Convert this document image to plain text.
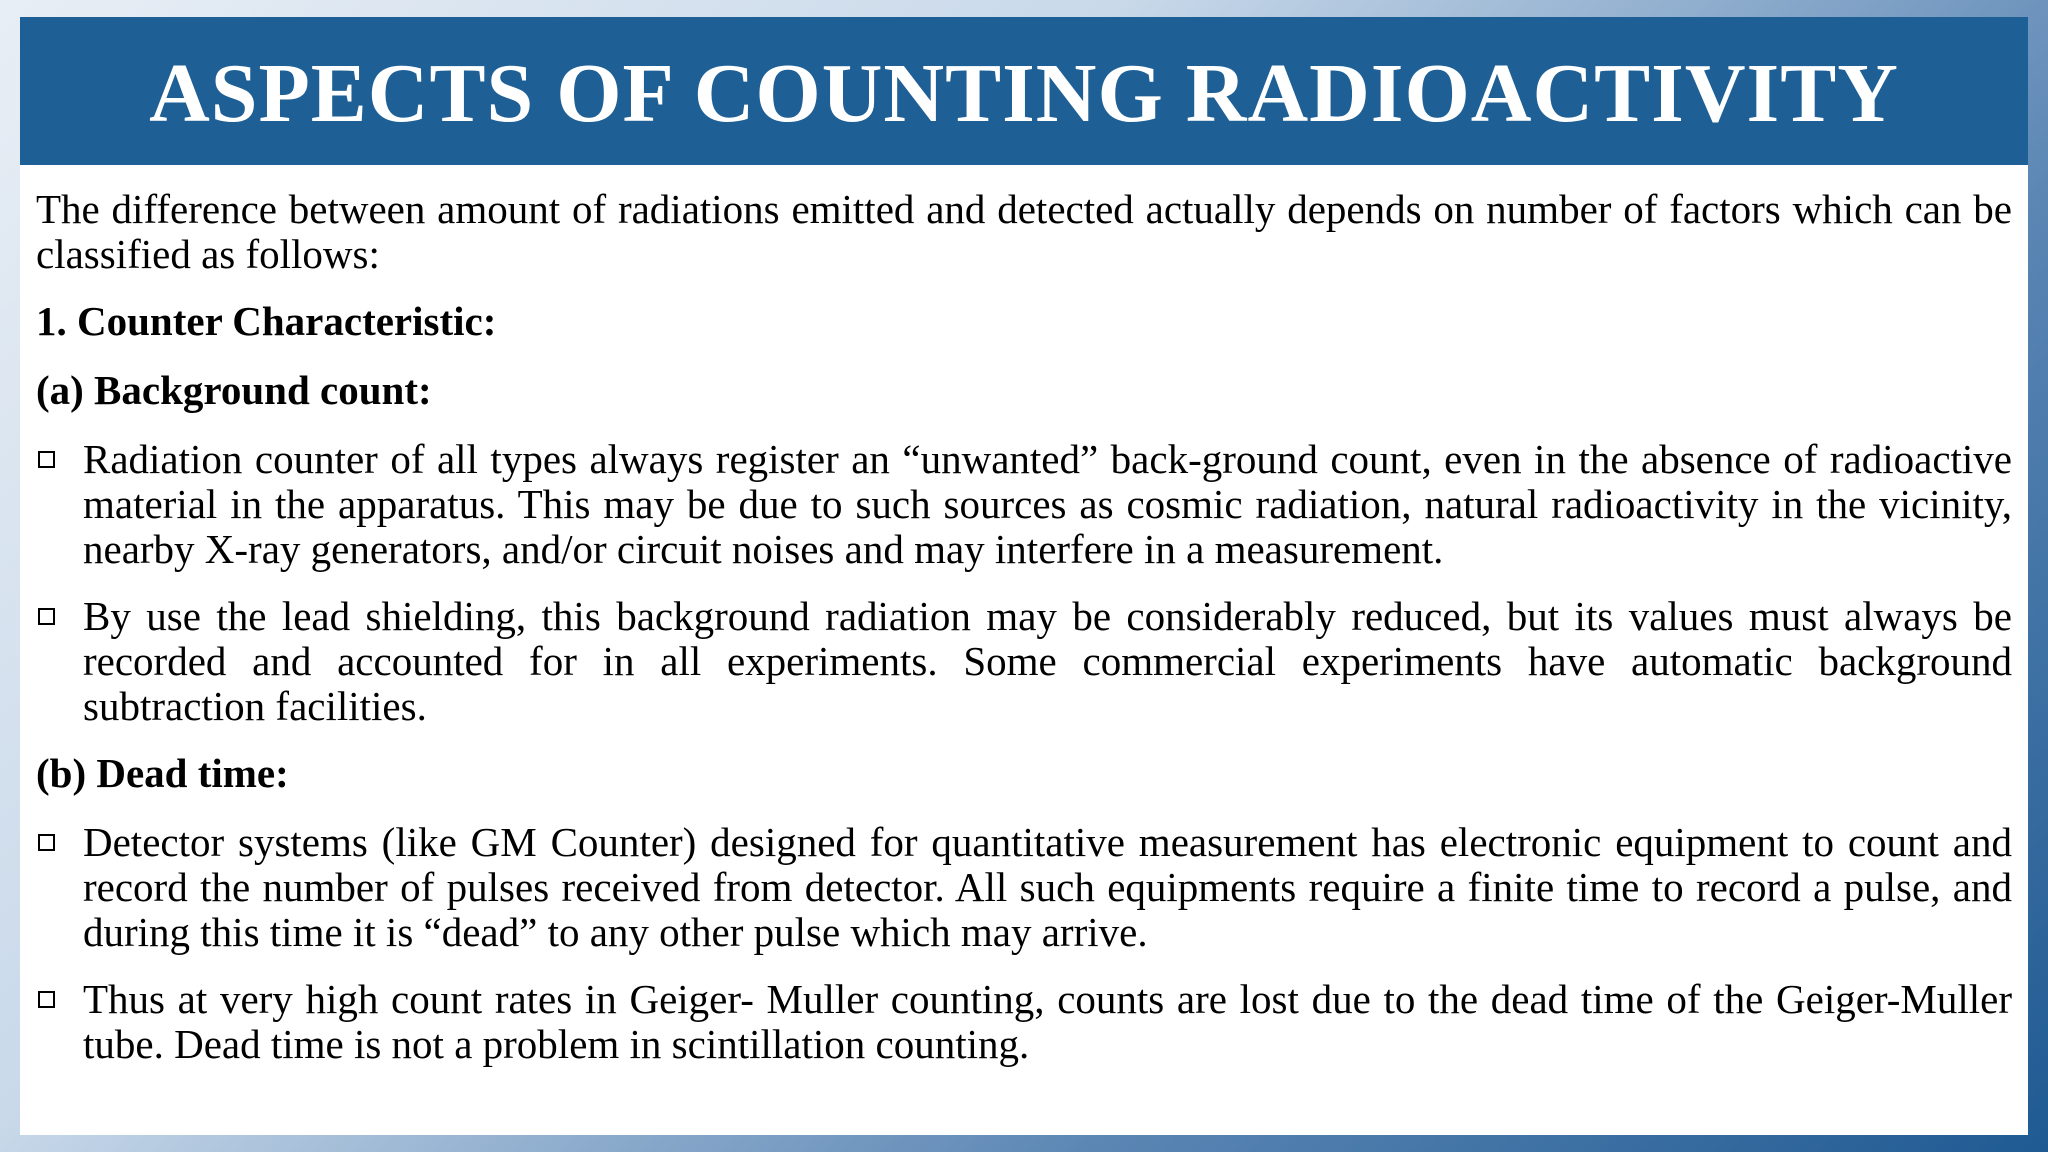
ASPECTS OF COUNTING RADIOACTIVITY

The difference between amount of radiations emitted and detected actually depends on number of factors which can be classified as follows:

1. Counter Characteristic:
(a) Background count:
Radiation counter of all types always register an “unwanted” back-ground count, even in the absence of radioactive material in the apparatus. This may be due to such sources as cosmic radiation, natural radioactivity in the vicinity, nearby X-ray generators, and/or circuit noises and may interfere in a measurement.
By use the lead shielding, this background radiation may be considerably reduced, but its values must always be recorded and accounted for in all experiments. Some commercial experiments have automatic background subtraction facilities.
(b) Dead time:
Detector systems (like GM Counter) designed for quantitative measurement has electronic equipment to count and record the number of pulses received from detector. All such equipments require a finite time to record a pulse, and during this time it is “dead” to any other pulse which may arrive.
Thus at very high count rates in Geiger- Muller counting, counts are lost due to the dead time of the Geiger-Muller tube. Dead time is not a problem in scintillation counting.
